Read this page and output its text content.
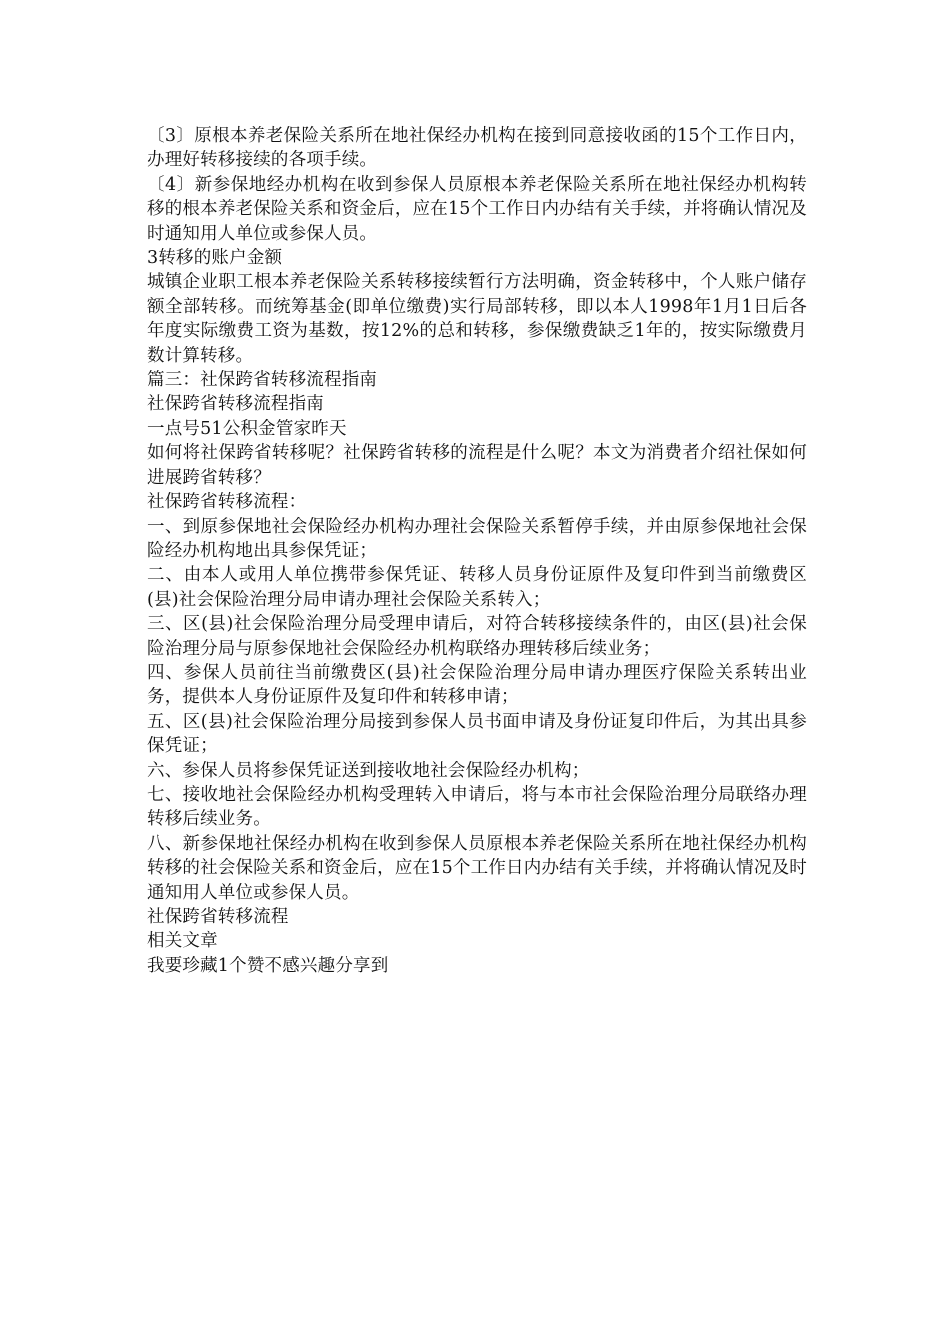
〔3〕原根本养老保险关系所在地社保经办机构在接到同意接收函的15个工作日内，办理好转移接续的各项手续。

〔4〕新参保地经办机构在收到参保人员原根本养老保险关系所在地社保经办机构转移的根本养老保险关系和资金后，应在15个工作日内办结有关手续，并将确认情况及时通知用人单位或参保人员。

3转移的账户金额

城镇企业职工根本养老保险关系转移接续暂行方法明确，资金转移中，个人账户储存额全部转移。而统筹基金(即单位缴费)实行局部转移，即以本人1998年1月1日后各年度实际缴费工资为基数，按12%的总和转移，参保缴费缺乏1年的，按实际缴费月数计算转移。

篇三：社保跨省转移流程指南

社保跨省转移流程指南

一点号51公积金管家昨天

如何将社保跨省转移呢？社保跨省转移的流程是什么呢？本文为消费者介绍社保如何进展跨省转移？

社保跨省转移流程：

一、到原参保地社会保险经办机构办理社会保险关系暂停手续，并由原参保地社会保险经办机构地出具参保凭证；

二、由本人或用人单位携带参保凭证、转移人员身份证原件及复印件到当前缴费区(县)社会保险治理分局申请办理社会保险关系转入；

三、区(县)社会保险治理分局受理申请后，对符合转移接续条件的，由区(县)社会保险治理分局与原参保地社会保险经办机构联络办理转移后续业务；

四、参保人员前往当前缴费区(县)社会保险治理分局申请办理医疗保险关系转出业务，提供本人身份证原件及复印件和转移申请；

五、区(县)社会保险治理分局接到参保人员书面申请及身份证复印件后，为其出具参保凭证；

六、参保人员将参保凭证送到接收地社会保险经办机构；

七、接收地社会保险经办机构受理转入申请后，将与本市社会保险治理分局联络办理转移后续业务。

八、新参保地社保经办机构在收到参保人员原根本养老保险关系所在地社保经办机构转移的社会保险关系和资金后，应在15个工作日内办结有关手续，并将确认情况及时通知用人单位或参保人员。

社保跨省转移流程

相关文章

我要珍藏1个赞不感兴趣分享到
